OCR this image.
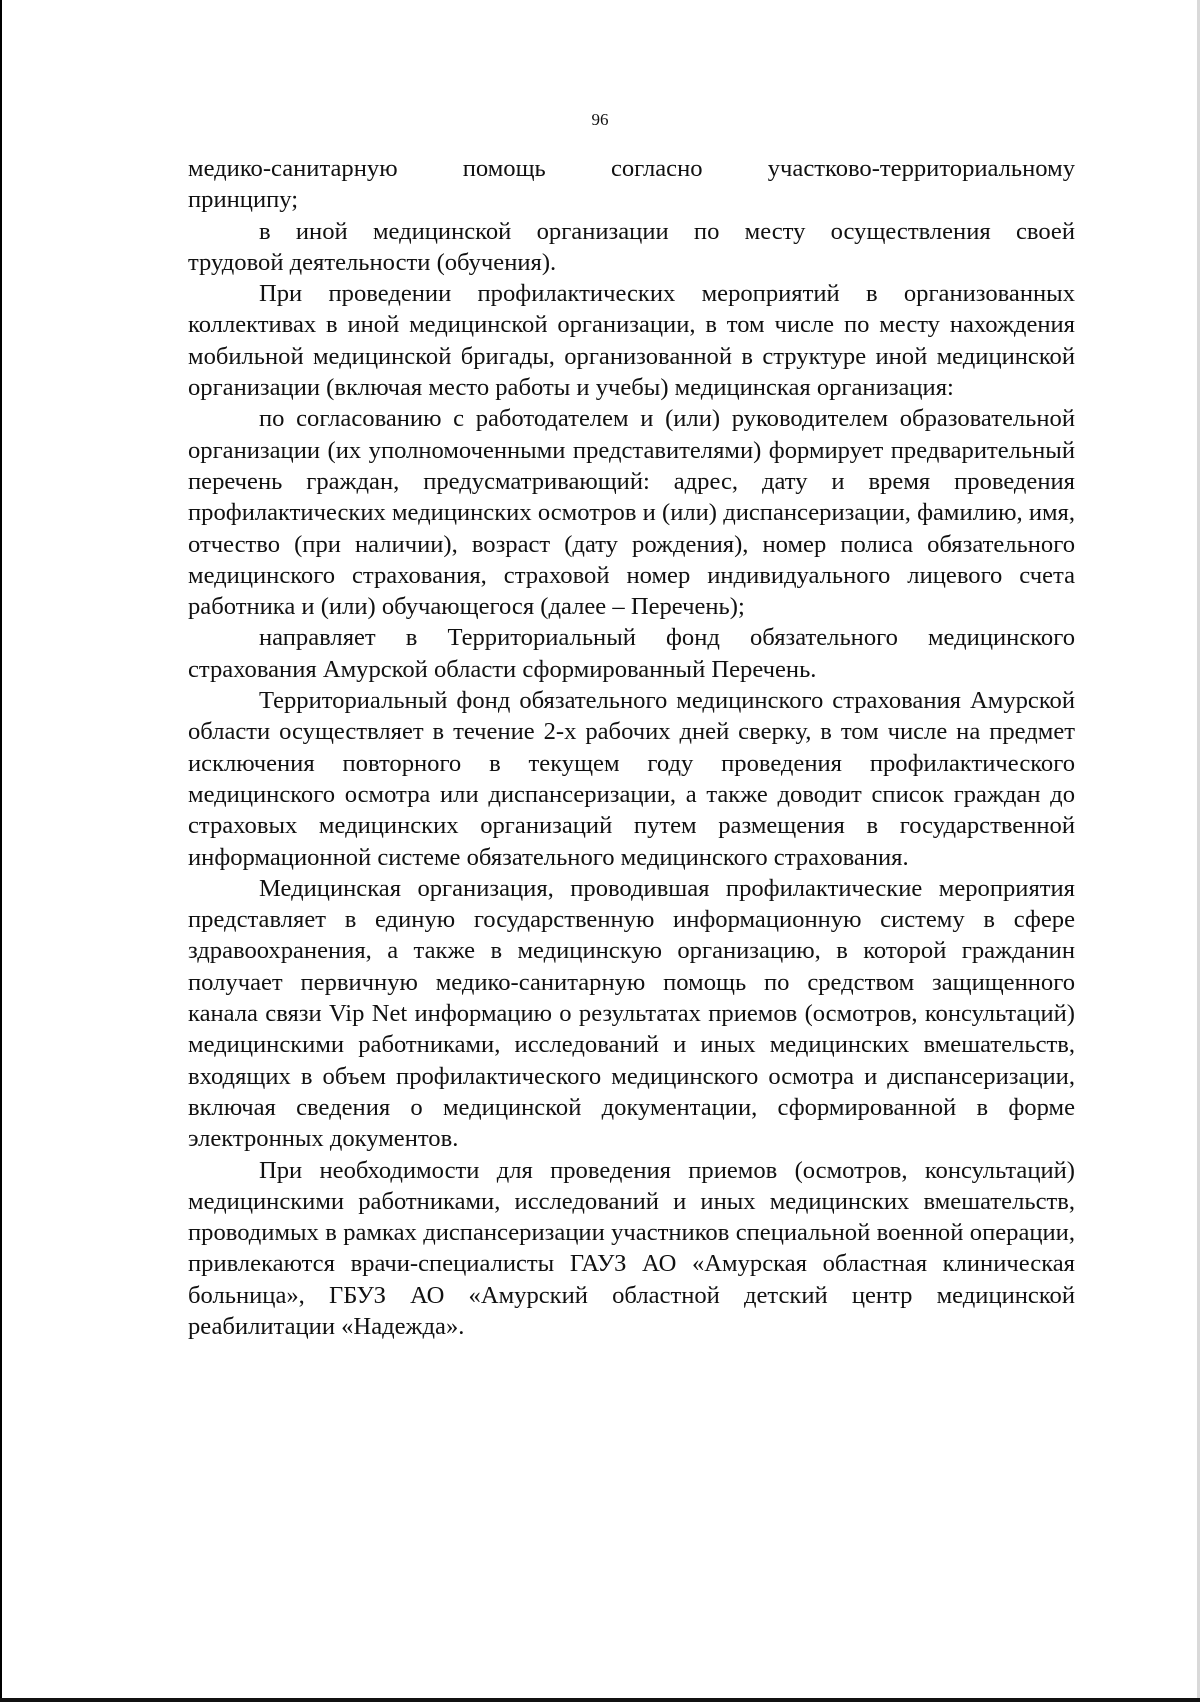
96

медико-санитарную помощь согласно участково-территориальному
принципу;

в иной медицинской организации по месту осуществления своей
трудовой деятельности (обучения).

При проведении профилактических мероприятий в организованных коллективах в иной медицинской организации, в том числе по месту нахождения мобильной медицинской бригады, организованной в структуре иной медицинской организации (включая место работы и учебы) медицинская организация:

по согласованию с работодателем и (или) руководителем образовательной организации (их уполномоченными представителями) формирует предварительный перечень граждан, предусматривающий: адрес, дату и время проведения профилактических медицинских осмотров и (или) диспансеризации, фамилию, имя, отчество (при наличии), возраст (дату рождения), номер полиса обязательного медицинского страхования, страховой номер индивидуального лицевого счета работника и (или) обучающегося (далее – Перечень);

направляет в Территориальный фонд обязательного медицинского страхования Амурской области сформированный Перечень.

Территориальный фонд обязательного медицинского страхования Амурской области осуществляет в течение 2-х рабочих дней сверку, в том числе на предмет исключения повторного в текущем году проведения профилактического медицинского осмотра или диспансеризации, а также доводит список граждан до страховых медицинских организаций путем размещения в государственной информационной системе обязательного медицинского страхования.

Медицинская организация, проводившая профилактические мероприятия представляет в единую государственную информационную систему в сфере здравоохранения, а также в медицинскую организацию, в которой гражданин получает первичную медико-санитарную помощь по средством защищенного канала связи Vip Net информацию о результатах приемов (осмотров, консультаций) медицинскими работниками, исследований и иных медицинских вмешательств, входящих в объем профилактического медицинского осмотра и диспансеризации, включая сведения о медицинской документации, сформированной в форме электронных документов.

При необходимости для проведения приемов (осмотров, консультаций) медицинскими работниками, исследований и иных медицинских вмешательств, проводимых в рамках диспансеризации участников специальной военной операции, привлекаются врачи-специалисты ГАУЗ АО «Амурская областная клиническая больница», ГБУЗ АО «Амурский областной детский центр медицинской реабилитации «Надежда».
